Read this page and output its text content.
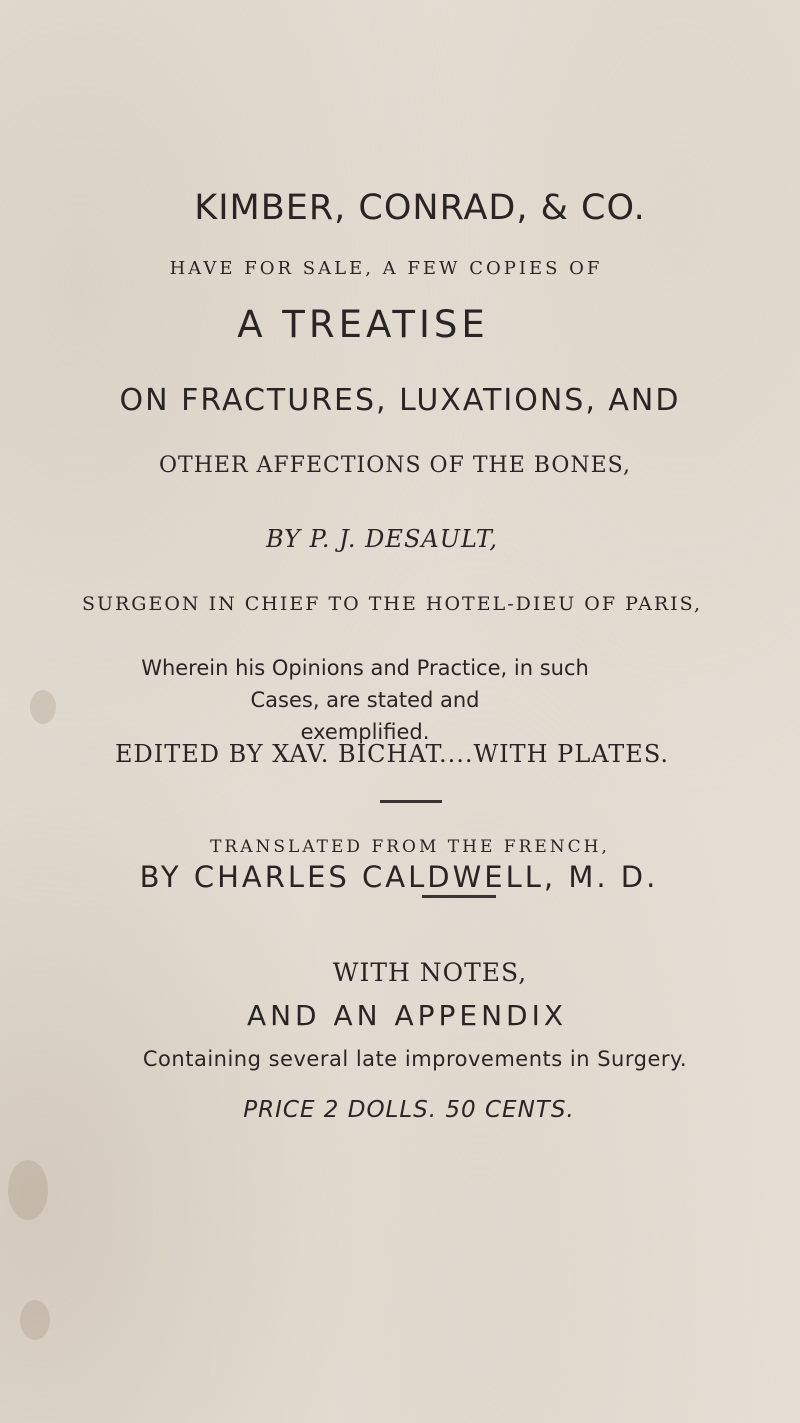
KIMBER, CONRAD, & CO.

HAVE FOR SALE, A FEW COPIES OF

A TREATISE

ON FRACTURES, LUXATIONS, AND

OTHER AFFECTIONS OF THE BONES,

BY P. J. DESAULT,

SURGEON IN CHIEF TO THE HOTEL-DIEU OF PARIS,

Wherein his Opinions and Practice, in such Cases, are stated and
exemplified.

EDITED BY XAV. BICHAT....WITH PLATES.

TRANSLATED FROM THE FRENCH,

BY CHARLES CALDWELL, M. D.

WITH NOTES,

AND AN APPENDIX

Containing several late improvements in Surgery.

PRICE 2 DOLLS. 50 CENTS.
